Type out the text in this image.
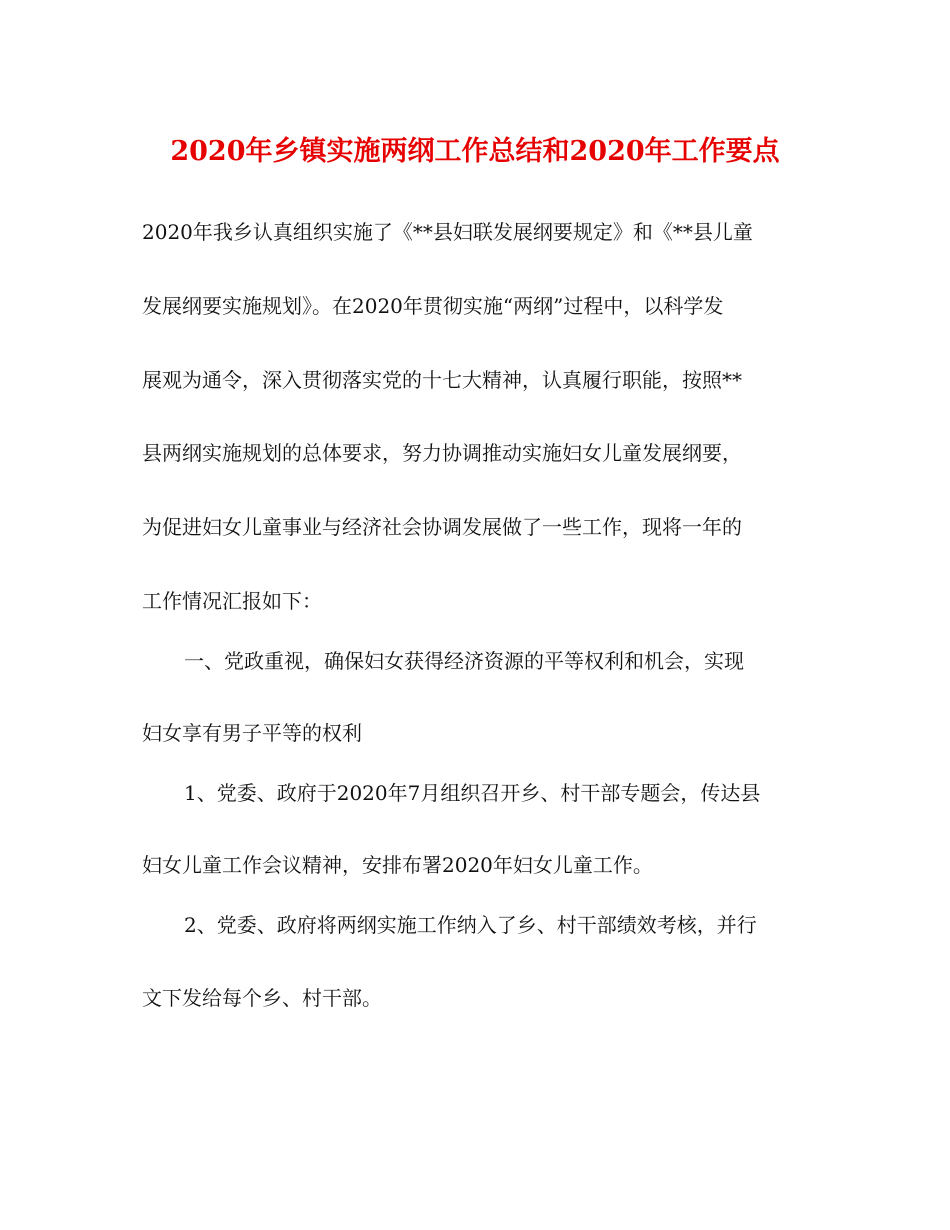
2020年乡镇实施两纲工作总结和2020年工作要点

2020年我乡认真组织实施了《**县妇联发展纲要规定》和《**县儿童

发展纲要实施规划》。在2020年贯彻实施“两纲”过程中，以科学发

展观为通令，深入贯彻落实党的十七大精神，认真履行职能，按照**

县两纲实施规划的总体要求，努力协调推动实施妇女儿童发展纲要，

为促进妇女儿童事业与经济社会协调发展做了一些工作，现将一年的

工作情况汇报如下：

一、党政重视，确保妇女获得经济资源的平等权利和机会，实现

妇女享有男子平等的权利

1、党委、政府于2020年7月组织召开乡、村干部专题会，传达县

妇女儿童工作会议精神，安排布署2020年妇女儿童工作。

2、党委、政府将两纲实施工作纳入了乡、村干部绩效考核，并行

文下发给每个乡、村干部。
